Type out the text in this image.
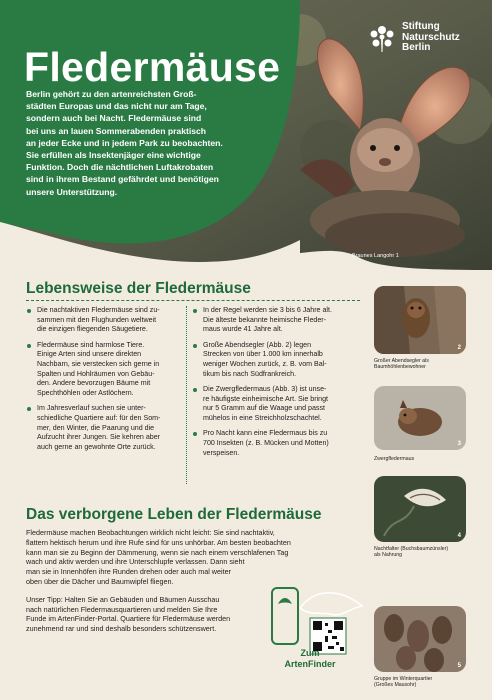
Fledermäuse
Berlin gehört zu den artenreichsten Groß-
städten Europas und das nicht nur am Tage,
sondern auch bei Nacht. Fledermäuse sind
bei uns an lauen Sommerabenden praktisch
an jeder Ecke und in jedem Park zu beobachten.
Sie erfüllen als Insektenjäger eine wichtige
Funktion. Doch die nächtlichen Luftakrobaten
sind in ihrem Bestand gefährdet und benötigen
unsere Unterstützung.
Stiftung
Naturschutz
Berlin
Braunes Langohr 1
Lebensweise der Fledermäuse
Die nachtaktiven Fledermäuse sind zu-
sammen mit den Flughunden weltweit
die einzigen fliegenden Säugetiere.
Fledermäuse sind harmlose Tiere.
Einige Arten sind unsere direkten
Nachbarn, sie verstecken sich gerne in
Spalten und Hohlräumen von Gebäu-
den. Andere bevorzugen Bäume mit
Spechthöhlen oder Astlöchern.
Im Jahresverlauf suchen sie unter-
schiedliche Quartiere auf: für den Som-
mer, den Winter, die Paarung und die
Aufzucht ihrer Jungen. Sie kehren aber
auch gerne an gewohnte Orte zurück.
In der Regel werden sie 3 bis 6 Jahre alt.
Die älteste bekannte heimische Fleder-
maus wurde 41 Jahre alt.
Große Abendsegler (Abb. 2) legen
Strecken von über 1.000 km innerhalb
weniger Wochen zurück, z. B. vom Bal-
tikum bis nach Südfrankreich.
Die Zwergfledermaus (Abb. 3) ist unse-
re häufigste einheimische Art. Sie bringt
nur 5 Gramm auf die Waage und passt
mühelos in eine Streichholzschachtel.
Pro Nacht kann eine Fledermaus bis zu
700 Insekten (z. B. Mücken und Motten)
verspeisen.
Das verborgene Leben der Fledermäuse

Fledermäuse machen Beobachtungen wirklich nicht leicht: Sie sind nachtaktiv,
flattern hektisch herum und ihre Rufe sind für uns unhörbar. Am besten beobachten
kann man sie zu Beginn der Dämmerung, wenn sie nach einem verschlafenen Tag
wach und aktiv werden und ihre Unterschlupfe verlassen. Dann sieht
man sie in Innenhöfen ihre Runden drehen oder auch mal weiter
oben über die Dächer und Baumwipfel fliegen.

Unser Tipp: Halten Sie an Gebäuden und Bäumen Ausschau
nach natürlichen Fledermausquartieren und melden Sie Ihre
Funde im ArtenFinder-Portal. Quartiere für Fledermäuse werden
zunehmend rar und sind deshalb besonders schützenswert.

Zum
ArtenFinder
2
Großer Abendsegler als
Baumhöhlenbewohner
3
Zwergfledermaus
4
Nachtfalter (Buchsbaumzünsler)
als Nahrung
5
Gruppe im Winterquartier
(Großes Mausohr)
